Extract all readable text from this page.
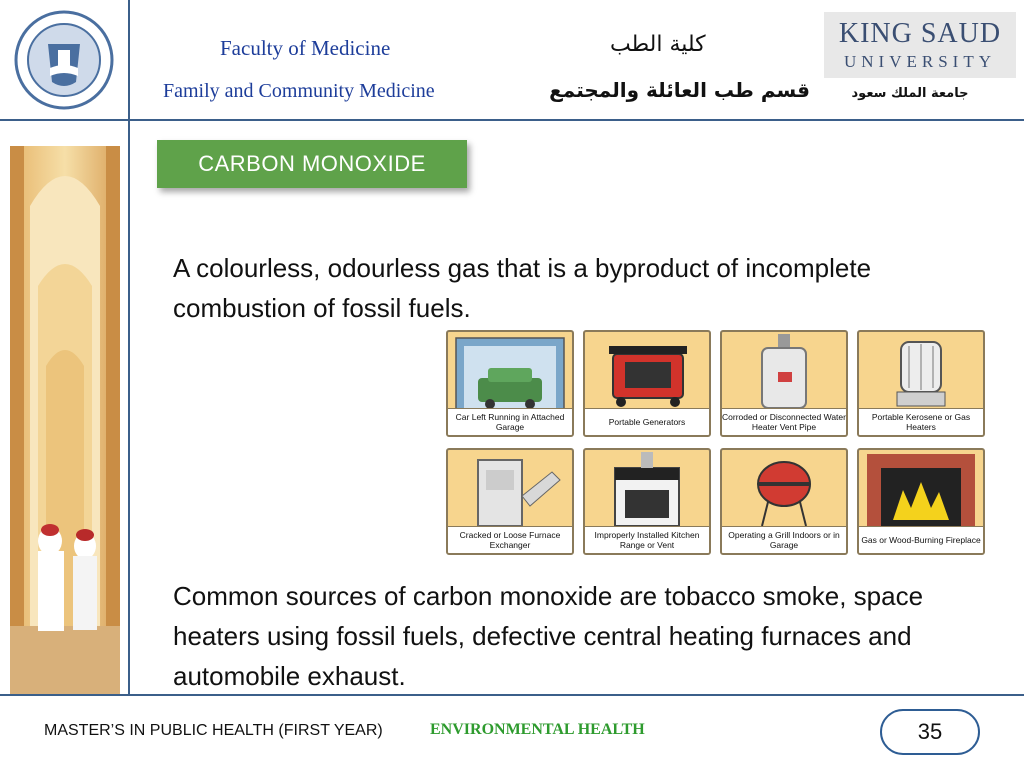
Faculty of Medicine
Family and Community Medicine
كلية الطب
قسم طب العائلة والمجتمع
KING SAUD
UNIVERSITY
جامعة الملك سعود
CARBON MONOXIDE

A colourless, odourless gas that is a byproduct of incomplete combustion of fossil fuels.

Car Left Running in Attached Garage	Portable Generators	Corroded or Disconnected Water Heater Vent Pipe
Portable Kerosene or Gas Heaters
Cracked or Loose Furnace Exchanger
Improperly Installed Kitchen Range or Vent
Operating a Grill Indoors or in Garage	Gas or Wood-Burning Fireplace

Common sources of carbon monoxide are tobacco smoke, space heaters using fossil fuels, defective central heating furnaces and automobile exhaust.

MASTER’S IN PUBLIC HEALTH (FIRST YEAR)	ENVIRONMENTAL HEALTH	35
